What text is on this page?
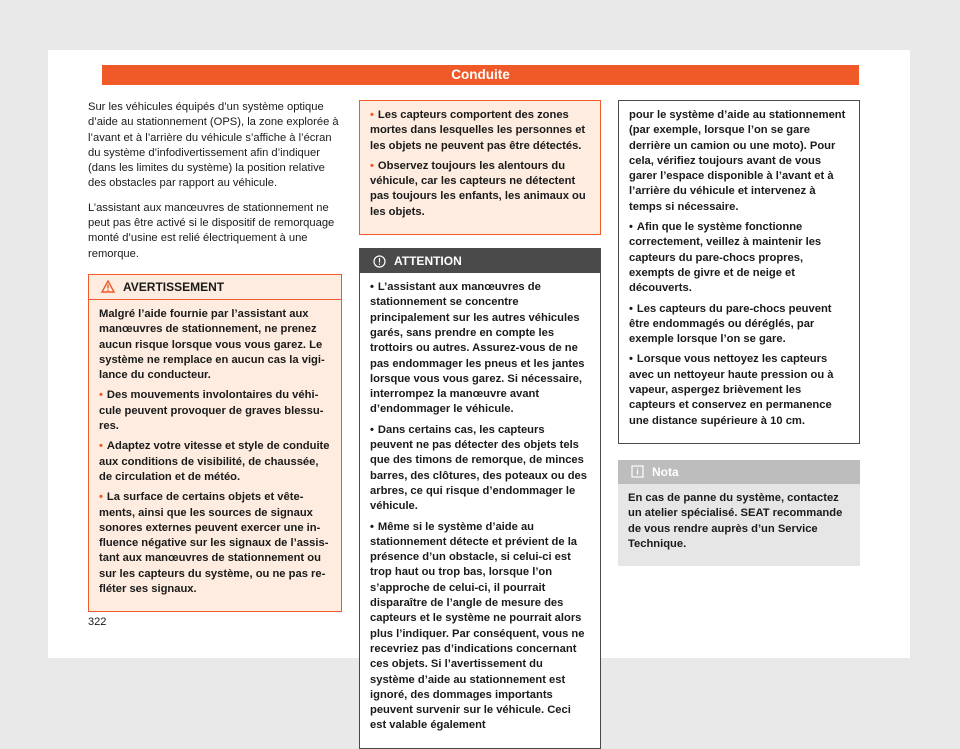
Conduite

Sur les véhicules équipés d’un système optique d’aide au stationnement (OPS), la zone explorée à l’avant et à l’arrière du véhicule s’affiche à l’écran du système d’infodivertissement afin d’indiquer (dans les limites du système) la position relative des obstacles par rapport au véhicule.

L’assistant aux manœuvres de stationnement ne peut pas être activé si le dispositif de remorquage monté d’usine est relié électriquement à une remorque.

AVERTISSEMENT

Malgré l’aide fournie par l’assistant aux manœuvres de stationnement, ne prenez aucun risque lorsque vous vous garez. Le système ne remplace en aucun cas la vigilance du conducteur.

• Des mouvements involontaires du véhicule peuvent provoquer de graves blessures.

• Adaptez votre vitesse et style de conduite aux conditions de visibilité, de chaussée, de circulation et de météo.

• La surface de certains objets et vêtements, ainsi que les sources de signaux sonores externes peuvent exercer une influence négative sur les signaux de l’assistant aux manœuvres de stationnement ou sur les capteurs du système, ou ne pas refléter ses signaux.

• Les capteurs comportent des zones mortes dans lesquelles les personnes et les objets ne peuvent pas être détectés.

• Observez toujours les alentours du véhicule, car les capteurs ne détectent pas toujours les enfants, les animaux ou les objets.

ATTENTION

• L’assistant aux manœuvres de stationnement se concentre principalement sur les autres véhicules garés, sans prendre en compte les trottoirs ou autres. Assurez-vous de ne pas endommager les pneus et les jantes lorsque vous vous garez. Si nécessaire, interrompez la manœuvre avant d’endommager le véhicule.

• Dans certains cas, les capteurs peuvent ne pas détecter des objets tels que des timons de remorque, de minces barres, des clôtures, des poteaux ou des arbres, ce qui risque d’endommager le véhicule.

• Même si le système d’aide au stationnement détecte et prévient de la présence d’un obstacle, si celui-ci est trop haut ou trop bas, lorsque l’on s’approche de celui-ci, il pourrait disparaître de l’angle de mesure des capteurs et le système ne pourrait alors plus l’indiquer. Par conséquent, vous ne recevriez pas d’indications concernant ces objets. Si l’avertissement du système d’aide au stationnement est ignoré, des dommages importants peuvent survenir sur le véhicule. Ceci est valable également

pour le système d’aide au stationnement (par exemple, lorsque l’on se gare derrière un camion ou une moto). Pour cela, vérifiez toujours avant de vous garer l’espace disponible à l’avant et à l’arrière du véhicule et intervenez à temps si nécessaire.

• Afin que le système fonctionne correctement, veillez à maintenir les capteurs du pare-chocs propres, exempts de givre et de neige et découverts.

• Les capteurs du pare-chocs peuvent être endommagés ou déréglés, par exemple lorsque l’on se gare.

• Lorsque vous nettoyez les capteurs avec un nettoyeur haute pression ou à vapeur, aspergez brièvement les capteurs et conservez en permanence une distance supérieure à 10 cm.

Nota

En cas de panne du système, contactez un atelier spécialisé. SEAT recommande de vous rendre auprès d’un Service Technique.

322
